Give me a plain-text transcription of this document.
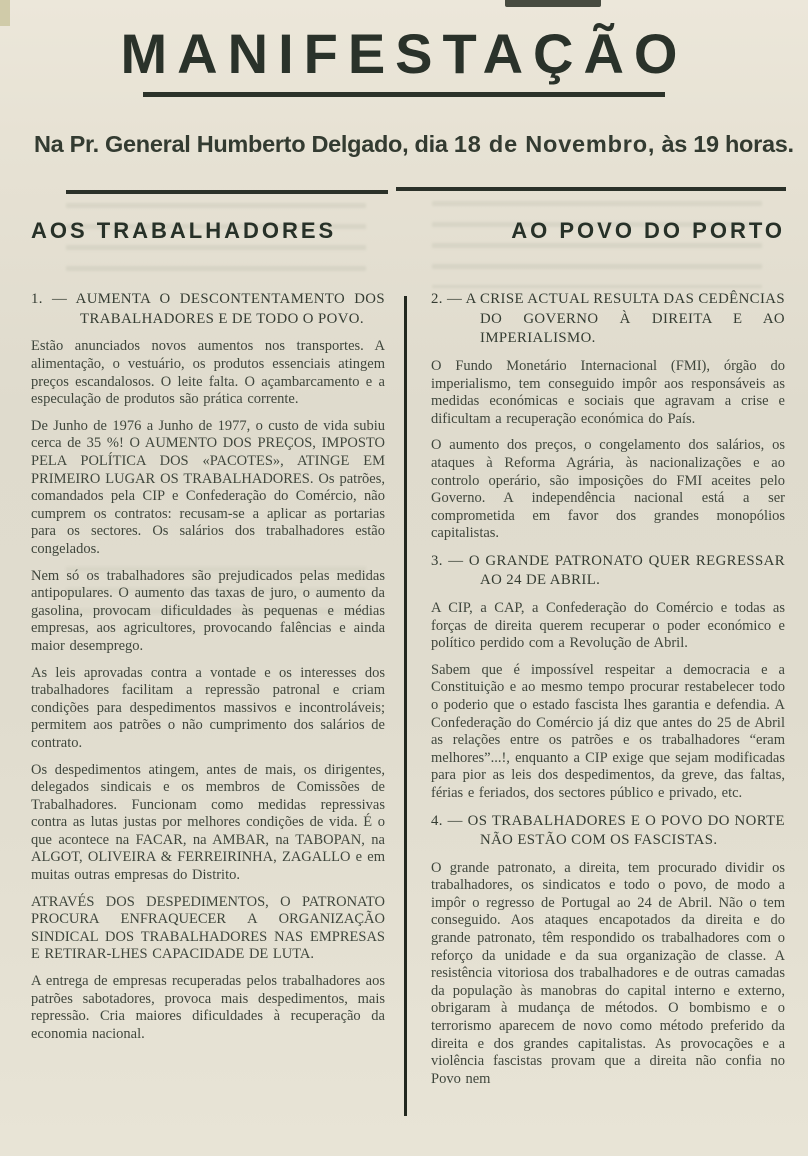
MANIFESTAÇÃO

Na Pr. General Humberto Delgado, dia 18 de Novembro, às 19 horas.

AOS TRABALHADORES

1. — AUMENTA O DESCONTENTAMENTO DOS TRABALHADORES E DE TODO O POVO.

Estão anunciados novos aumentos nos transportes. A alimentação, o vestuário, os produtos essenciais atingem preços escandalosos. O leite falta. O açambarcamento e a especulação de produtos são prática corrente.

De Junho de 1976 a Junho de 1977, o custo de vida subiu cerca de 35 %! O AUMENTO DOS PREÇOS, IMPOSTO PELA POLÍTICA DOS «PACOTES», ATINGE EM PRIMEIRO LUGAR OS TRABALHADORES. Os patrões, comandados pela CIP e Confederação do Comércio, não cumprem os contratos: recusam-se a aplicar as portarias para os sectores. Os salários dos trabalhadores estão congelados.

Nem só os trabalhadores são prejudicados pelas medidas antipopulares. O aumento das taxas de juro, o aumento da gasolina, provocam dificuldades às pequenas e médias empresas, aos agricultores, provocando falências e ainda maior desemprego.

As leis aprovadas contra a vontade e os interesses dos trabalhadores facilitam a repressão patronal e criam condições para despedimentos massivos e incontroláveis; permitem aos patrões o não cumprimento dos salários de contrato.

Os despedimentos atingem, antes de mais, os dirigentes, delegados sindicais e os membros de Comissões de Trabalhadores. Funcionam como medidas repressivas contra as lutas justas por melhores condições de vida. É o que acontece na FACAR, na AMBAR, na TABOPAN, na ALGOT, OLIVEIRA & FERREIRINHA, ZAGALLO e em muitas outras empresas do Distrito.

ATRAVÉS DOS DESPEDIMENTOS, O PATRONATO PROCURA ENFRAQUECER A ORGANIZAÇÃO SINDICAL DOS TRABALHADORES NAS EMPRESAS E RETIRAR-LHES CAPACIDADE DE LUTA.

A entrega de empresas recuperadas pelos trabalhadores aos patrões sabotadores, provoca mais despedimentos, mais repressão. Cria maiores dificuldades à recuperação da economia nacional.

AO POVO DO PORTO

2. — A CRISE ACTUAL RESULTA DAS CEDÊNCIAS DO GOVERNO À DIREITA E AO IMPERIALISMO.

O Fundo Monetário Internacional (FMI), órgão do imperialismo, tem conseguido impôr aos responsáveis as medidas económicas e sociais que agravam a crise e dificultam a recuperação económica do País.

O aumento dos preços, o congelamento dos salários, os ataques à Reforma Agrária, às nacionalizações e ao controlo operário, são imposições do FMI aceites pelo Governo. A independência nacional está a ser comprometida em favor dos grandes monopólios capitalistas.

3. — O GRANDE PATRONATO QUER REGRESSAR AO 24 DE ABRIL.

A CIP, a CAP, a Confederação do Comércio e todas as forças de direita querem recuperar o poder económico e político perdido com a Revolução de Abril.

Sabem que é impossível respeitar a democracia e a Constituição e ao mesmo tempo procurar restabelecer todo o poderio que o estado fascista lhes garantia e defendia. A Confederação do Comércio já diz que antes do 25 de Abril as relações entre os patrões e os trabalhadores “eram melhores”...!, enquanto a CIP exige que sejam modificadas para pior as leis dos despedimentos, da greve, das faltas, férias e feriados, dos sectores público e privado, etc.

4. — OS TRABALHADORES E O POVO DO NORTE NÃO ESTÃO COM OS FASCISTAS.

O grande patronato, a direita, tem procurado dividir os trabalhadores, os sindicatos e todo o povo, de modo a impôr o regresso de Portugal ao 24 de Abril. Não o tem conseguido. Aos ataques encapotados da direita e do grande patronato, têm respondido os trabalhadores com o reforço da unidade e da sua organização de classe. A resistência vitoriosa dos trabalhadores e de outras camadas da população às manobras do capital interno e externo, obrigaram à mudança de métodos. O bombismo e o terrorismo aparecem de novo como método preferido da direita e dos grandes capitalistas. As provocações e a violência fascistas provam que a direita não confia no Povo nem
